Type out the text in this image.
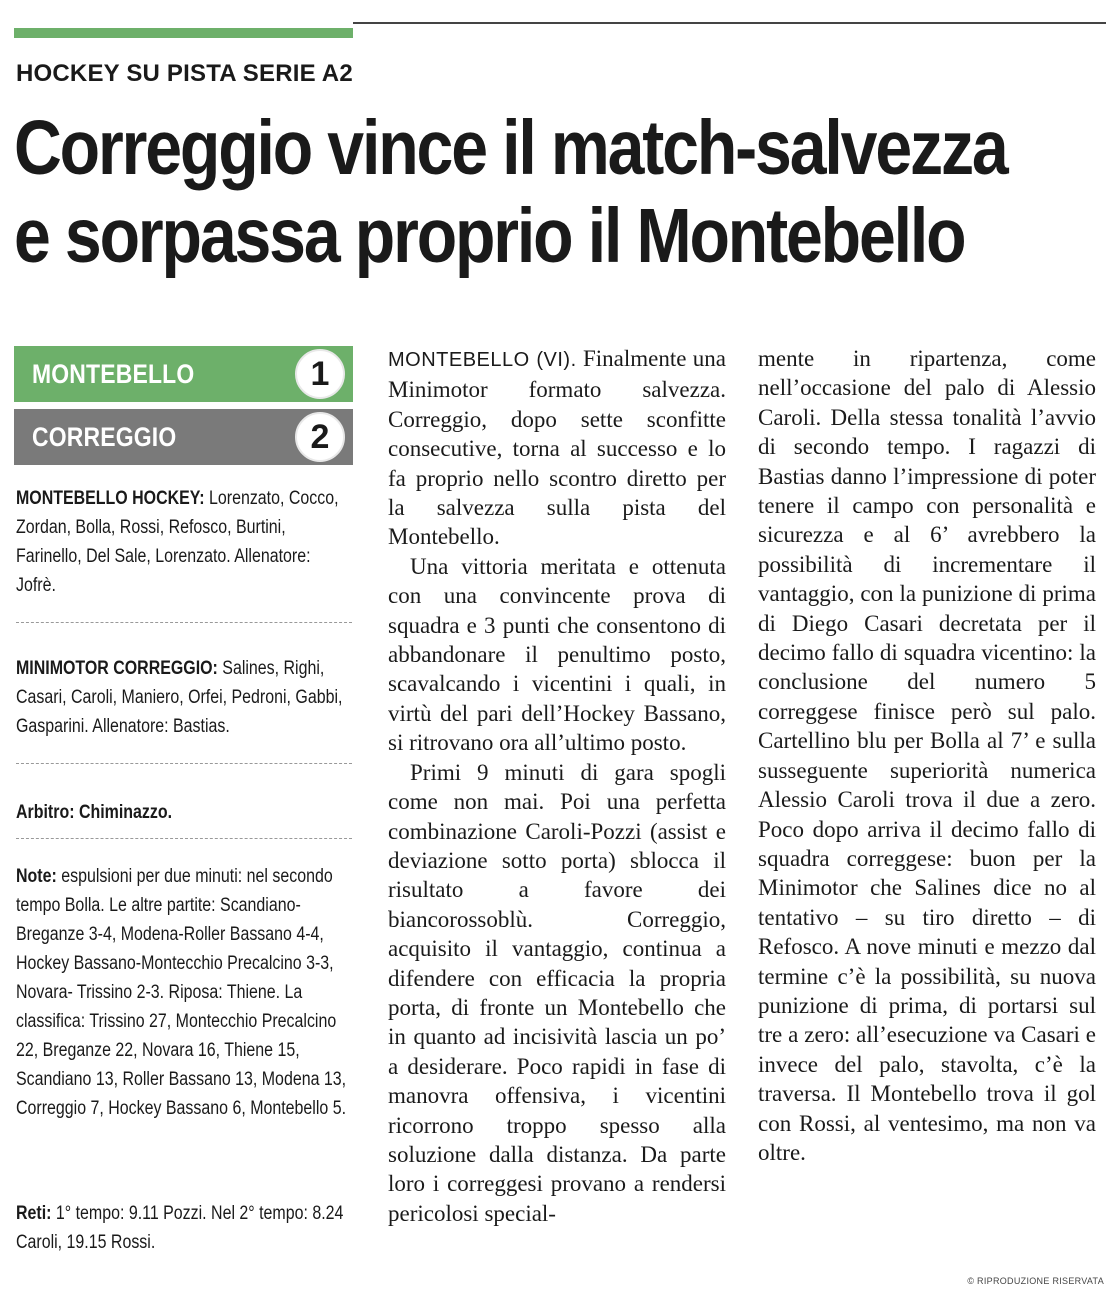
HOCKEY SU PISTA SERIE A2
Correggio vince il match-salvezza
e sorpassa proprio il Montebello
MONTEBELLO	1
CORREGGIO	2
MONTEBELLO HOCKEY: Lorenzato, Cocco, Zordan, Bolla, Rossi, Refosco, Burtini, Farinello, Del Sale, Lorenzato. Allenatore: Jofrè.
MINIMOTOR CORREGGIO: Salines, Righi, Casari, Caroli, Maniero, Orfei, Pedroni, Gabbi, Gasparini. Allenatore: Bastias.
Arbitro: Chiminazzo.
Note: espulsioni per due minuti: nel secondo tempo Bolla. Le altre partite: Scandiano-Breganze 3-4, Modena-Roller Bassano 4-4, Hockey Bassano-Montecchio Precalcino 3-3, Novara- Trissino 2-3. Riposa: Thiene. La classifica: Trissino 27, Montecchio Precalcino 22, Breganze 22, Novara 16, Thiene 15, Scandiano 13, Roller Bassano 13, Modena 13, Correggio 7, Hockey Bassano 6, Montebello 5.
Reti: 1° tempo: 9.11 Pozzi. Nel 2° tempo: 8.24 Caroli, 19.15 Rossi.

MONTEBELLO (VI). Finalmente una Minimotor formato salvezza. Correggio, dopo sette sconfitte consecutive, torna al successo e lo fa proprio nello scontro diretto per la salvezza sulla pista del Montebello.

Una vittoria meritata e ottenuta con una convincente prova di squadra e 3 punti che consentono di abbandonare il penultimo posto, scavalcando i vicentini i quali, in virtù del pari dell’Hockey Bassano, si ritrovano ora all’ultimo posto.

Primi 9 minuti di gara spogli come non mai. Poi una perfetta combinazione Caroli-Pozzi (assist e deviazione sotto porta) sblocca il risultato a favore dei biancorossoblù. Correggio, acquisito il vantaggio, continua a difendere con efficacia la propria porta, di fronte un Montebello che in quanto ad incisività lascia un po’ a desiderare. Poco rapidi in fase di manovra offensiva, i vicentini ricorrono troppo spesso alla soluzione dalla distanza. Da parte loro i correggesi provano a rendersi pericolosi special-

mente in ripartenza, come nell’occasione del palo di Alessio Caroli. Della stessa tonalità l’avvio di secondo tempo. I ragazzi di Bastias danno l’impressione di poter tenere il campo con personalità e sicurezza e al 6’ avrebbero la possibilità di incrementare il vantaggio, con la punizione di prima di Diego Casari decretata per il decimo fallo di squadra vicentino: la conclusione del numero 5 correggese finisce però sul palo. Cartellino blu per Bolla al 7’ e sulla susseguente superiorità numerica Alessio Caroli trova il due a zero. Poco dopo arriva il decimo fallo di squadra correggese: buon per la Minimotor che Salines dice no al tentativo – su tiro diretto – di Refosco. A nove minuti e mezzo dal termine c’è la possibilità, su nuova punizione di prima, di portarsi sul tre a zero: all’esecuzione va Casari e invece del palo, stavolta, c’è la traversa. Il Montebello trova il gol con Rossi, al ventesimo, ma non va oltre.

© RIPRODUZIONE RISERVATA
